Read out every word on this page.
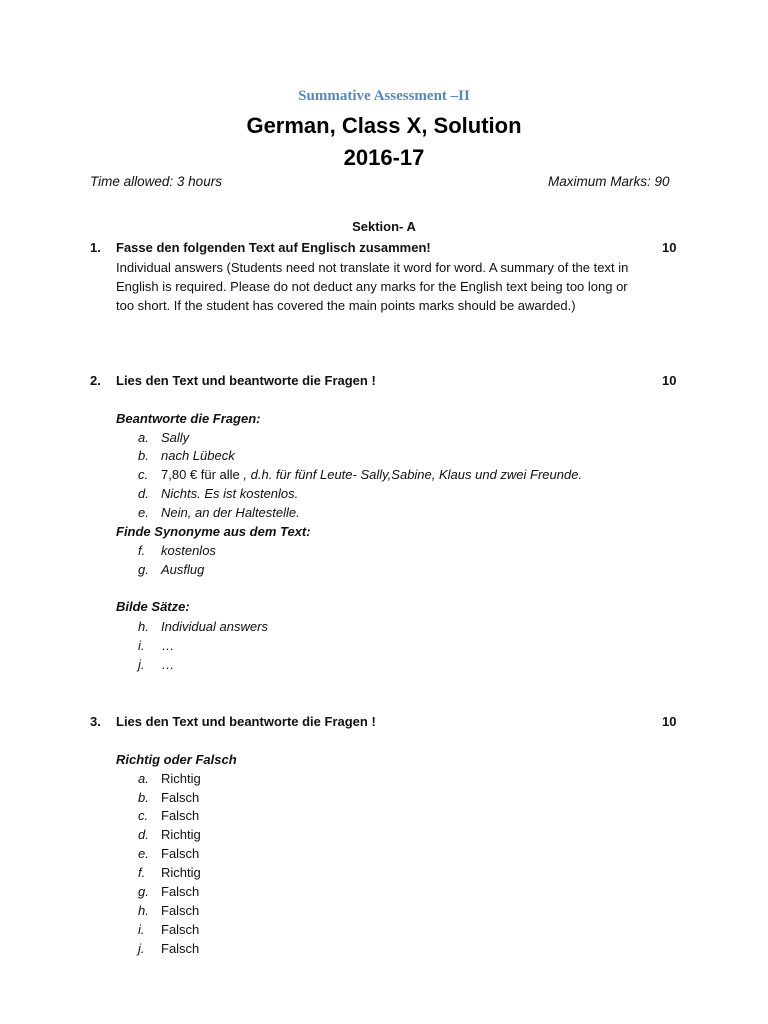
Summative Assessment –II
German, Class X, Solution
2016-17
Time allowed: 3 hours	Maximum Marks: 90
Sektion- A
1. Fasse den folgenden Text auf Englisch zusammen!	10
Individual answers (Students need not translate it word for word. A summary of the text in English is required. Please do not deduct any marks for the English text being too long or too short. If the student has covered the main points marks should be awarded.)
2. Lies den Text und beantworte die Fragen !	10
Beantworte die Fragen:
a. Sally
b. nach Lübeck
c. 7,80 € für alle , d.h. für fünf Leute- Sally,Sabine, Klaus und zwei Freunde.
d. Nichts. Es ist kostenlos.
e. Nein, an der Haltestelle.
Finde Synonyme aus dem Text:
f. kostenlos
g. Ausflug
Bilde Sätze:
h. Individual answers
i. …
j. …
3. Lies den Text und beantworte die Fragen !	10
Richtig oder Falsch
a. Richtig
b. Falsch
c. Falsch
d. Richtig
e. Falsch
f. Richtig
g. Falsch
h. Falsch
i. Falsch
j. Falsch
